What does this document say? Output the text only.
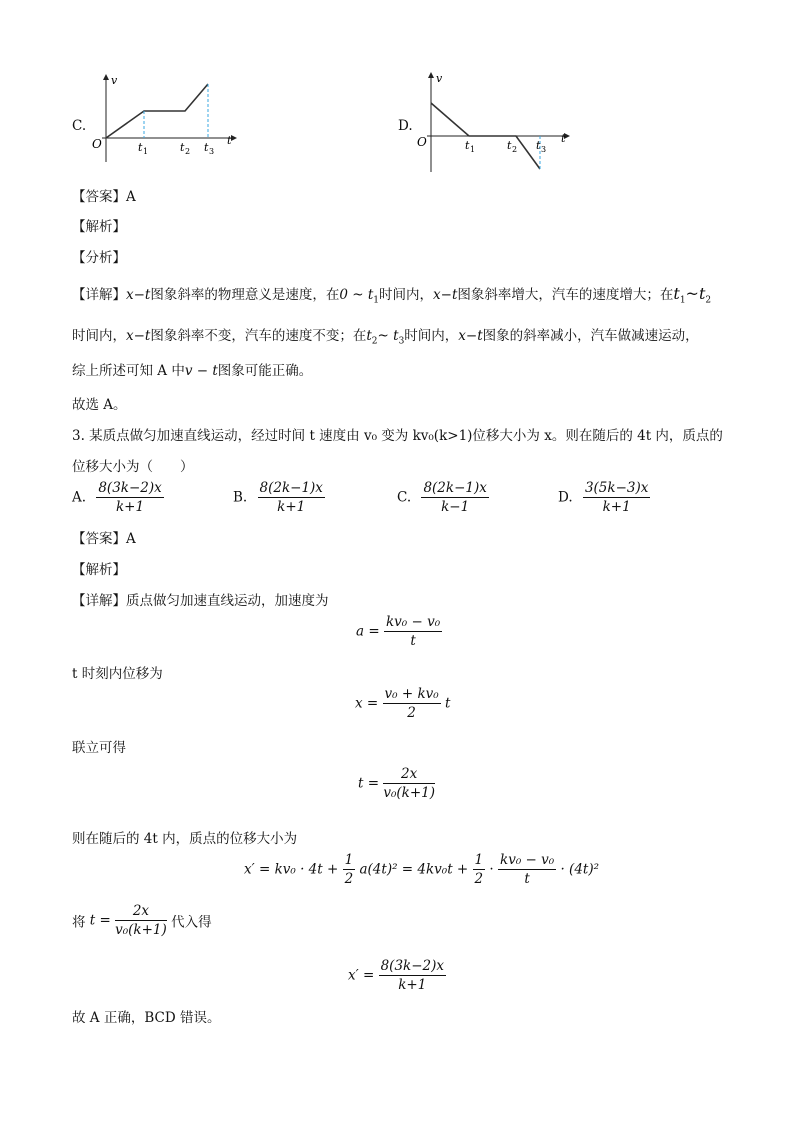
C.
v
t
O	t 1	t 2 t 3
D.
v
t
O	t 1	t 2 t 3
【答案】A
【解析】
【分析】
【详解】x−t图象斜率的物理意义是速度，在0 ~ $t_1$时间内，x−t图象斜率增大，汽车的速度增大；在$t_1\sim t_2$
时间内，x−t图象斜率不变，汽车的速度不变；在$t_2\sim$ $t_3$时间内，x−t图象的斜率减小，汽车做减速运动，
综上所述可知 A 中v − t图象可能正确。
故选 A。
3. 某质点做匀加速直线运动，经过时间 t 速度由 v₀ 变为 kv₀(k>1)位移大小为 x。则在随后的 4t 内，质点的
位移大小为（　　）
A. $\frac{8(3k-2)x}{k+1}$	B. $\frac{8(2k-1)x}{k+1}$	C. $\frac{8(2k-1)x}{k-1}$	D. $\frac{3(5k-3)x}{k+1}$
【答案】A
【解析】
【详解】质点做匀加速直线运动，加速度为
$a = \frac{\text{kv₀ − v₀}}{t}$
t 时刻内位移为
$x = \frac{\text{v₀ + kv₀}}{2}$ t
联立可得
$t = \frac{2x}{\text{v₀(k+1)}}$
则在随后的 4t 内，质点的位移大小为
$x' = kv_0 \cdot 4t + \frac{1}{2} a(4t)^2 = 4kv_0t + \frac{1}{2} \cdot \frac{\text{kv₀ − v₀}}{t} \cdot (4t)^2$
将 $t = \frac{2x}{\text{v₀(k+1)}}$ 代入得
$x' = \frac{8(3k-2)x}{k+1}$
故 A 正确，BCD 错误。
